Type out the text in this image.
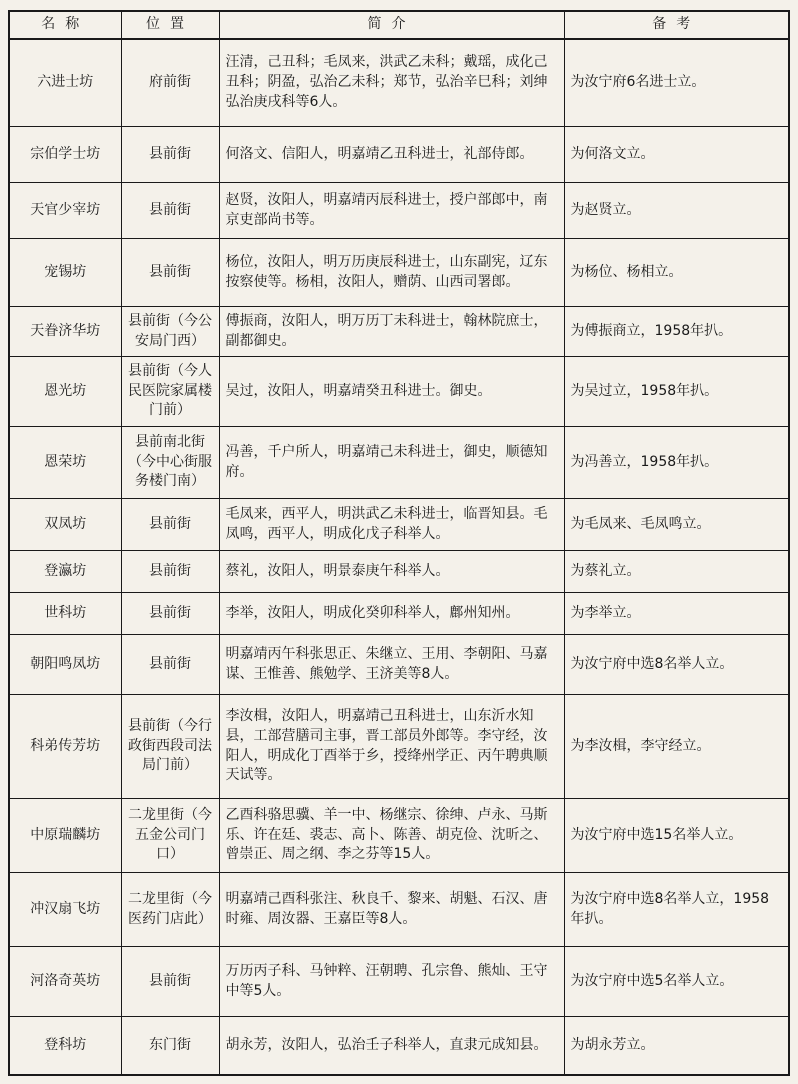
名称	位置	简介	备考
六进士坊	府前街	汪清，己丑科；毛凤来，洪武乙未科；戴瑶，成化己丑科；阴盈，弘治乙未科；郑节，弘治辛巳科；刘绅弘治庚戌科等6人。	为汝宁府6名进士立。
宗伯学士坊	县前街	何洛文、信阳人，明嘉靖乙丑科进士，礼部侍郎。	为何洛文立。
天官少宰坊	县前街	赵贤，汝阳人，明嘉靖丙辰科进士，授户部郎中，南京吏部尚书等。	为赵贤立。
宠锡坊	县前街	杨位，汝阳人，明万历庚辰科进士，山东副宪，辽东按察使等。杨相，汝阳人，赠荫、山西司署郎。	为杨位、杨相立。
天眷济华坊	县前街（今公安局门西）	傅振商，汝阳人，明万历丁未科进士，翰林院庶士，副都御史。	为傅振商立，1958年扒。
恩光坊	县前街（今人民医院家属楼门前）	吴过，汝阳人，明嘉靖癸丑科进士。御史。	为吴过立，1958年扒。
恩荣坊	县前南北街（今中心街服务楼门南）	冯善，千户所人，明嘉靖己未科进士，御史，顺德知府。	为冯善立，1958年扒。
双凤坊	县前街	毛凤来，西平人，明洪武乙未科进士，临晋知县。毛凤鸣，西平人，明成化戊子科举人。	为毛凤来、毛凤鸣立。
登瀛坊	县前街	蔡礼，汝阳人，明景泰庚午科举人。	为蔡礼立。
世科坊	县前街	李举，汝阳人，明成化癸卯科举人，鄜州知州。	为李举立。
朝阳鸣凤坊	县前街	明嘉靖丙午科张思正、朱继立、王用、李朝阳、马嘉谋、王惟善、熊勉学、王济美等8人。	为汝宁府中选8名举人立。
科弟传芳坊	县前街（今行政街西段司法局门前）	李汝楫，汝阳人，明嘉靖己丑科进士，山东沂水知县，工部营膳司主事，晋工部员外郎等。李守经，汝阳人，明成化丁酉举于乡，授绛州学正、丙午聘典顺天试等。	为李汝楫，李守经立。
中原瑞麟坊	二龙里街（今五金公司门口）	乙酉科骆思骥、羊一中、杨继宗、徐绅、卢永、马斯乐、许在廷、裘志、高卜、陈善、胡克俭、沈昕之、曾崇正、周之纲、李之芬等15人。	为汝宁府中选15名举人立。
冲汉扇飞坊	二龙里街（今医药门店此）	明嘉靖己酉科张注、秋良千、黎来、胡魁、石汉、唐时雍、周汝器、王嘉臣等8人。	为汝宁府中选8名举人立，1958年扒。
河洛奇英坊	县前街	万历丙子科、马钟粹、汪朝聘、孔宗鲁、熊灿、王守中等5人。	为汝宁府中选5名举人立。
登科坊	东门街	胡永芳，汝阳人，弘治壬子科举人，直隶元成知县。	为胡永芳立。
